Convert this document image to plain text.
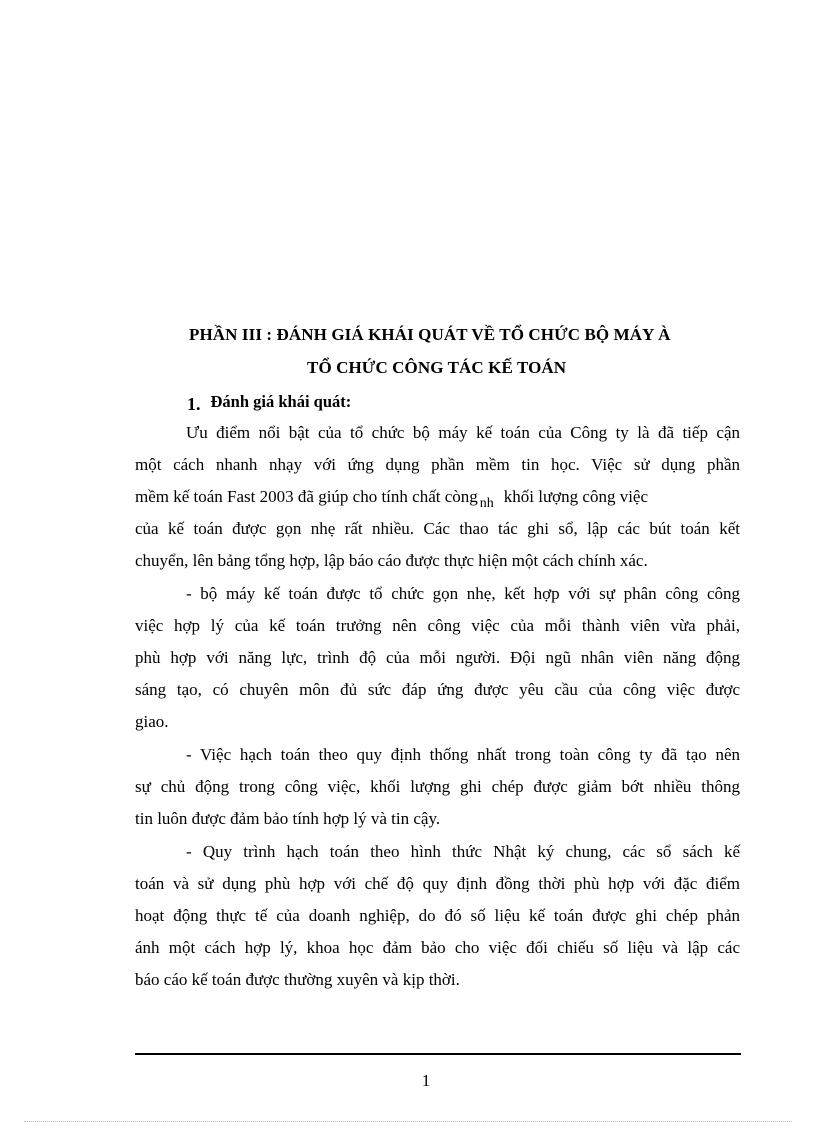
PHẦN III : ĐÁNH GIÁ KHÁI QUÁT VỀ TỔ CHỨC BỘ MÁY À
TỔ CHỨC CÔNG TÁC KẾ TOÁN
1. Đánh giá khái quát:
Ưu điểm nổi bật của tổ chức bộ máy kế toán của Công ty là đã tiếp cận
một cách nhanh nhạy với ứng dụng phần mềm tin học. Việc sử dụng phần
mềm kế toán Fast 2003 đã giúp cho tính chất còng $_{nh}$ khối lượng công việc
của kế toán được gọn nhẹ rất nhiều. Các thao tác ghi sổ, lập các bút toán kết
chuyển, lên bảng tổng hợp, lập báo cáo được thực hiện một cách chính xác.
- bộ máy kế toán được tổ chức gọn nhẹ, kết hợp với sự phân công công
việc hợp lý của kế toán trưởng nên công việc của mỗi thành viên vừa phải,
phù hợp với năng lực, trình độ của mỗi người. Đội ngũ nhân viên năng động
sáng tạo, có chuyên môn đủ sức đáp ứng được yêu cầu của công việc được
giao.
- Việc hạch toán theo quy định thống nhất trong toàn công ty đã tạo nên
sự chủ động trong công việc, khối lượng ghi chép được giảm bớt nhiều thông
tin luôn được đảm bảo tính hợp lý và tin cậy.
- Quy trình hạch toán theo hình thức Nhật ký chung, các sổ sách kế
toán và sử dụng phù hợp với chế độ quy định đồng thời phù hợp với đặc điểm
hoạt động thực tế của doanh nghiệp, do đó số liệu kế toán được ghi chép phản
ánh một cách hợp lý, khoa học đảm bảo cho việc đối chiếu số liệu và lập các
báo cáo kế toán được thường xuyên và kịp thời.
1
